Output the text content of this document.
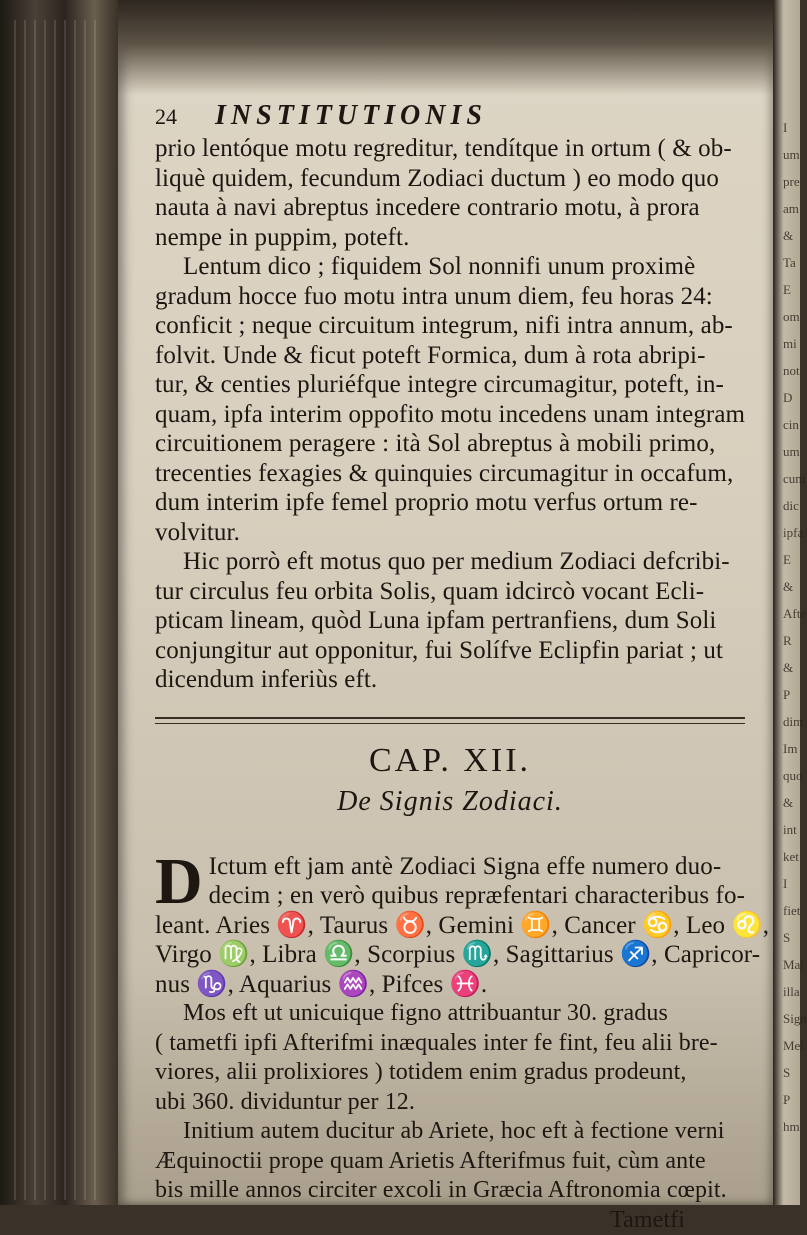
I
um
pre
am
&
Ta
E
om
mi
not
D
cin
um
cum
dic
ipfa
E
&
Afte
R
&
P
dim
Im
quo
&
int
ket
I
fiet
S
Maj
illa
Sign
Mel
S
P
hm
24	INSTITUTIONIS
prio lentóque motu regreditur, tendítque in ortum ( & ob-
liquè quidem, fecundum Zodiaci ductum ) eo modo quo
nauta à navi abreptus incedere contrario motu, à prora
nempe in puppim, poteft.
Lentum dico ; fiquidem Sol nonnifi unum proximè
gradum hocce fuo motu intra unum diem, feu horas 24:
conficit ; neque circuitum integrum, nifi intra annum, ab-
folvit. Unde & ficut poteft Formica, dum à rota abripi-
tur, & centies pluriéfque integre circumagitur, poteft, in-
quam, ipfa interim oppofito motu incedens unam integram
circuitionem peragere : ità Sol abreptus à mobili primo,
trecenties fexagies & quinquies circumagitur in occafum,
dum interim ipfe femel proprio motu verfus ortum re-
volvitur.
Hic porrò eft motus quo per medium Zodiaci defcribi-
tur circulus feu orbita Solis, quam idcircò vocant Ecli-
pticam lineam, quòd Luna ipfam pertranfiens, dum Soli
conjungitur aut opponitur, fui Solífve Eclipfin pariat ; ut
dicendum inferiùs eft.
CAP. XII.
De Signis Zodiaci.
D Ictum eft jam antè Zodiaci Signa effe numero duo-
decim ; en verò quibus repræfentari characteribus fo-
leant. Aries ♈, Taurus ♉, Gemini ♊, Cancer ♋, Leo ♌,
Virgo ♍, Libra ♎, Scorpius ♏, Sagittarius ♐, Capricor-
nus ♑, Aquarius ♒, Pifces ♓.
Mos eft ut unicuique figno attribuantur 30. gradus
( tametfi ipfi Afterifmi inæquales inter fe fint, feu alii bre-
viores, alii prolixiores ) totidem enim gradus prodeunt,
ubi 360. dividuntur per 12.
Initium autem ducitur ab Ariete, hoc eft à fectione verni
Æquinoctii prope quam Arietis Afterifmus fuit, cùm ante
bis mille annos circiter excoli in Græcia Aftronomia cœpit.
Tametfi
